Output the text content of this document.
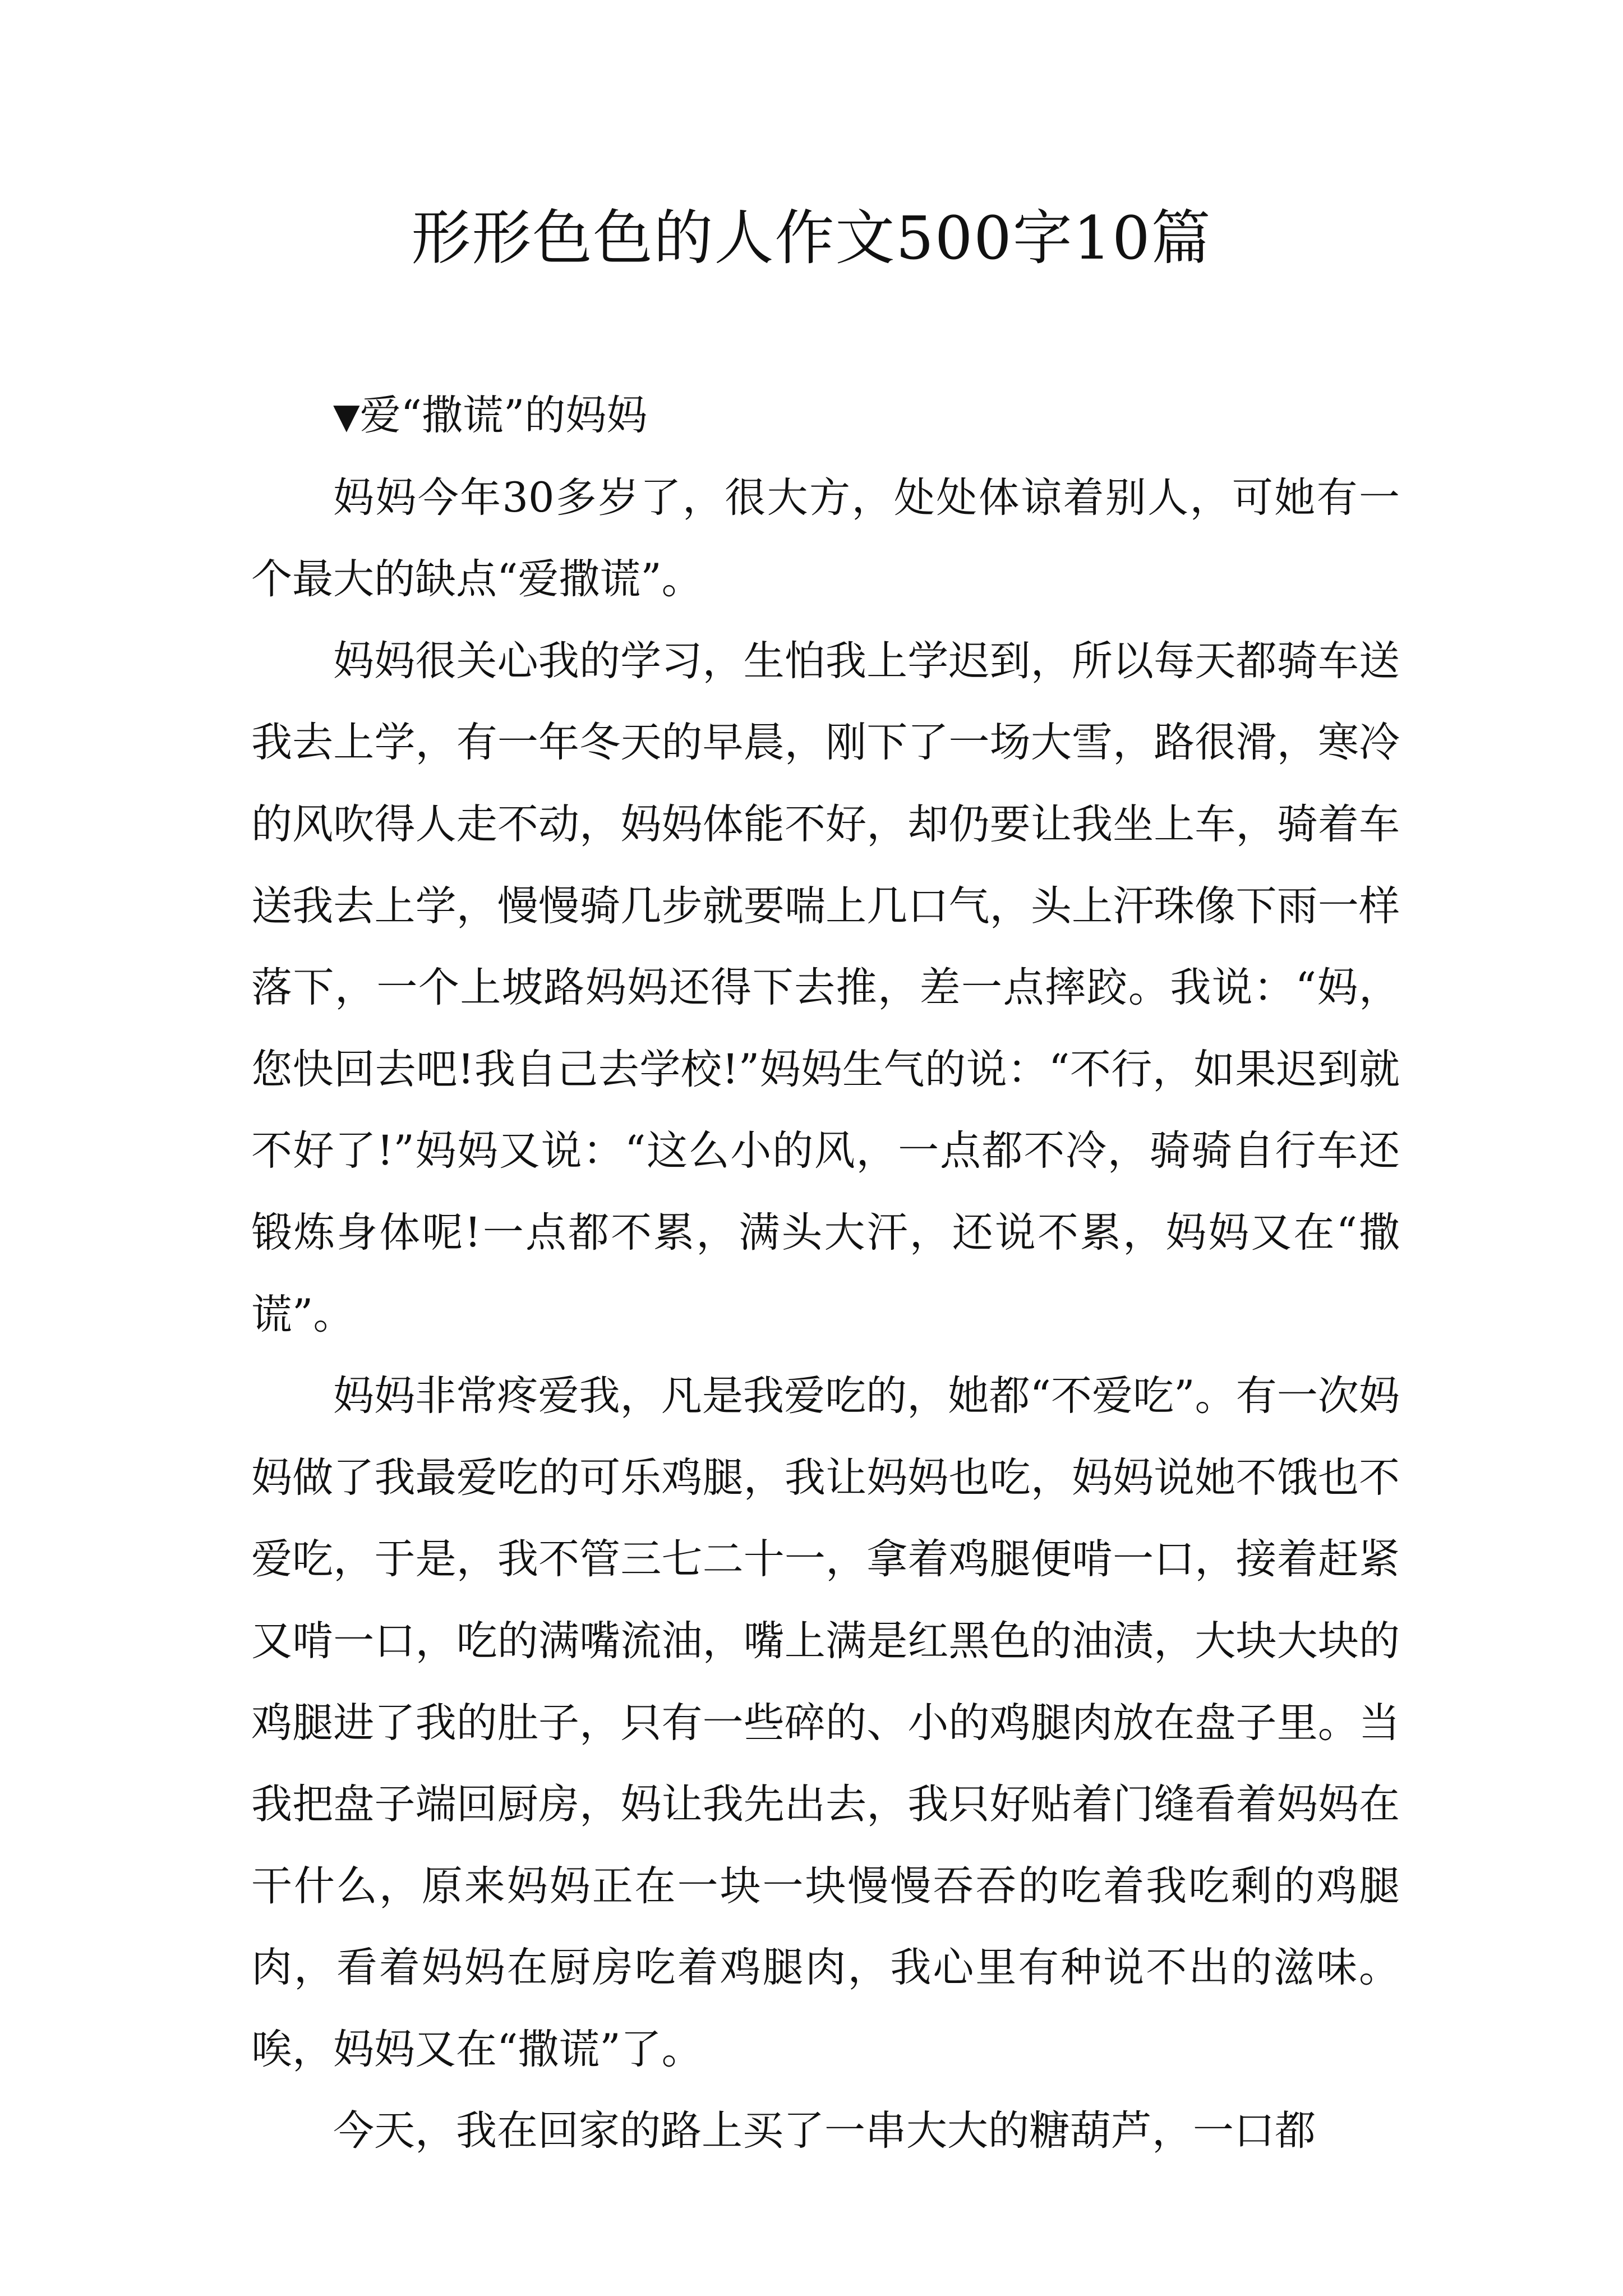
形形色色的人作文500字10篇

▼爱“撒谎”的妈妈

妈妈今年30多岁了，很大方，处处体谅着别人，可她有一个最大的缺点“爱撒谎”。

妈妈很关心我的学习，生怕我上学迟到，所以每天都骑车送我去上学，有一年冬天的早晨，刚下了一场大雪，路很滑，寒冷的风吹得人走不动，妈妈体能不好，却仍要让我坐上车，骑着车送我去上学，慢慢骑几步就要喘上几口气，头上汗珠像下雨一样落下，一个上坡路妈妈还得下去推，差一点摔跤。我说：“妈，您快回去吧!我自己去学校!”妈妈生气的说：“不行，如果迟到就不好了!”妈妈又说：“这么小的风，一点都不冷，骑骑自行车还锻炼身体呢!一点都不累，满头大汗，还说不累，妈妈又在“撒谎”。

妈妈非常疼爱我，凡是我爱吃的，她都“不爱吃”。有一次妈妈做了我最爱吃的可乐鸡腿，我让妈妈也吃，妈妈说她不饿也不爱吃，于是，我不管三七二十一，拿着鸡腿便啃一口，接着赶紧又啃一口，吃的满嘴流油，嘴上满是红黑色的油渍，大块大块的鸡腿进了我的肚子，只有一些碎的、小的鸡腿肉放在盘子里。当我把盘子端回厨房，妈让我先出去，我只好贴着门缝看着妈妈在干什么，原来妈妈正在一块一块慢慢吞吞的吃着我吃剩的鸡腿肉，看着妈妈在厨房吃着鸡腿肉，我心里有种说不出的滋味。唉，妈妈又在“撒谎”了。

今天，我在回家的路上买了一串大大的糖葫芦，一口都
